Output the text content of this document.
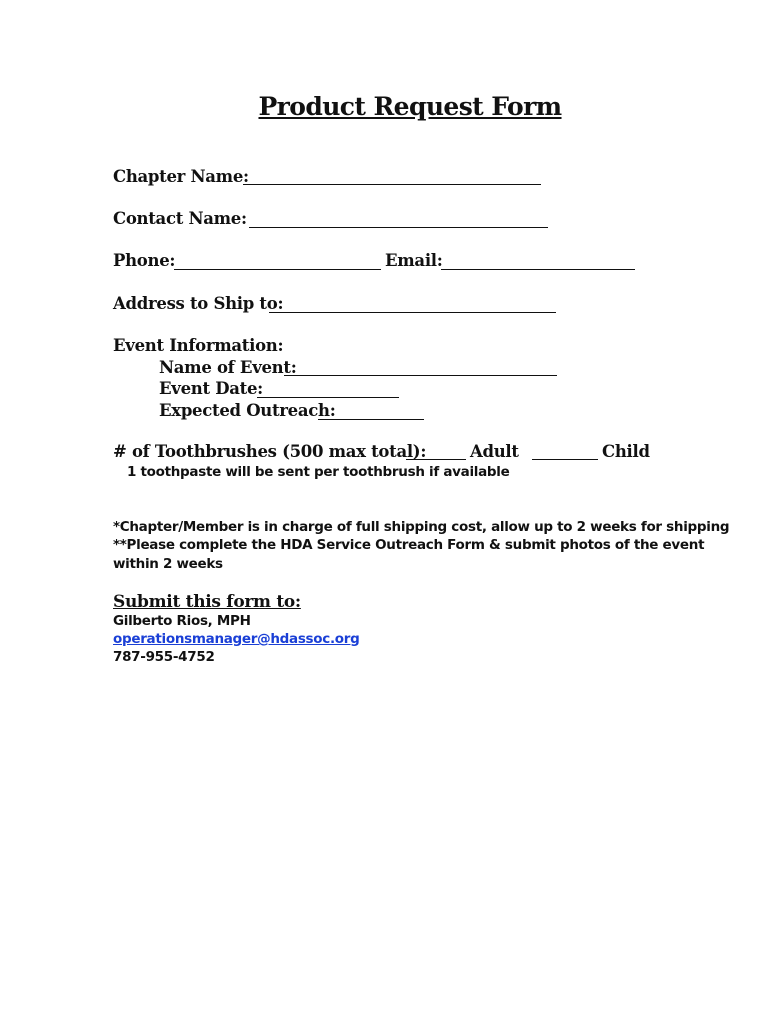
Product Request Form
Chapter Name:
Contact Name:
Phone:	Email:
Address to Ship to:
Event Information:
Name of Event:
Event Date:
Expected Outreach:
# of Toothbrushes (500 max total):	Adult	Child
1 toothpaste will be sent per toothbrush if available
*Chapter/Member is in charge of full shipping cost, allow up to 2 weeks for shipping
**Please complete the HDA Service Outreach Form & submit photos of the event
within 2 weeks
Submit this form to:
Gilberto Rios, MPH
operationsmanager@hdassoc.org
787-955-4752
